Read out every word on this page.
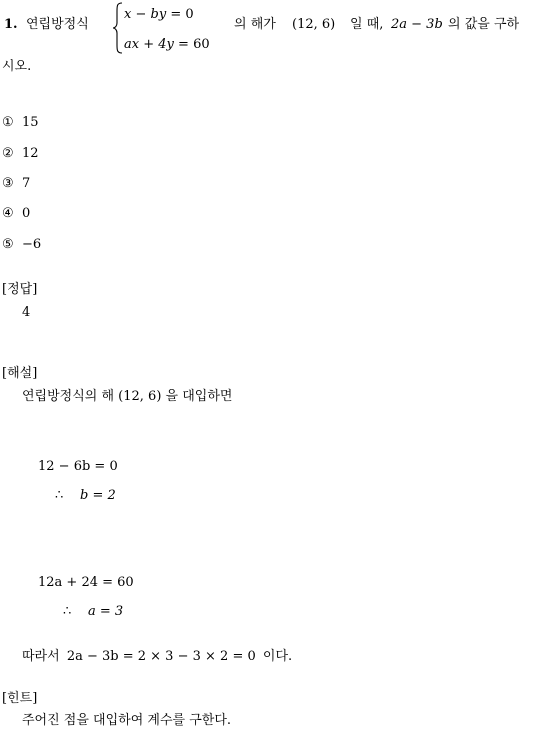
1. 연립방정식
x − by = 0
ax + 4y = 60
의 해가 (12, 6) 일 때, 2a − 3b 의 값을 구하
시오.
① 15
② 12
③ 7
④ 0
⑤ −6
[정답]
4
[해설]
연립방정식의 해 (12, 6) 을 대입하면
12 − 6b = 0
∴ b = 2
12a + 24 = 60
∴ a = 3
따라서 2a − 3b = 2 × 3 − 3 × 2 = 0 이다.
[힌트]
주어진 점을 대입하여 계수를 구한다.
